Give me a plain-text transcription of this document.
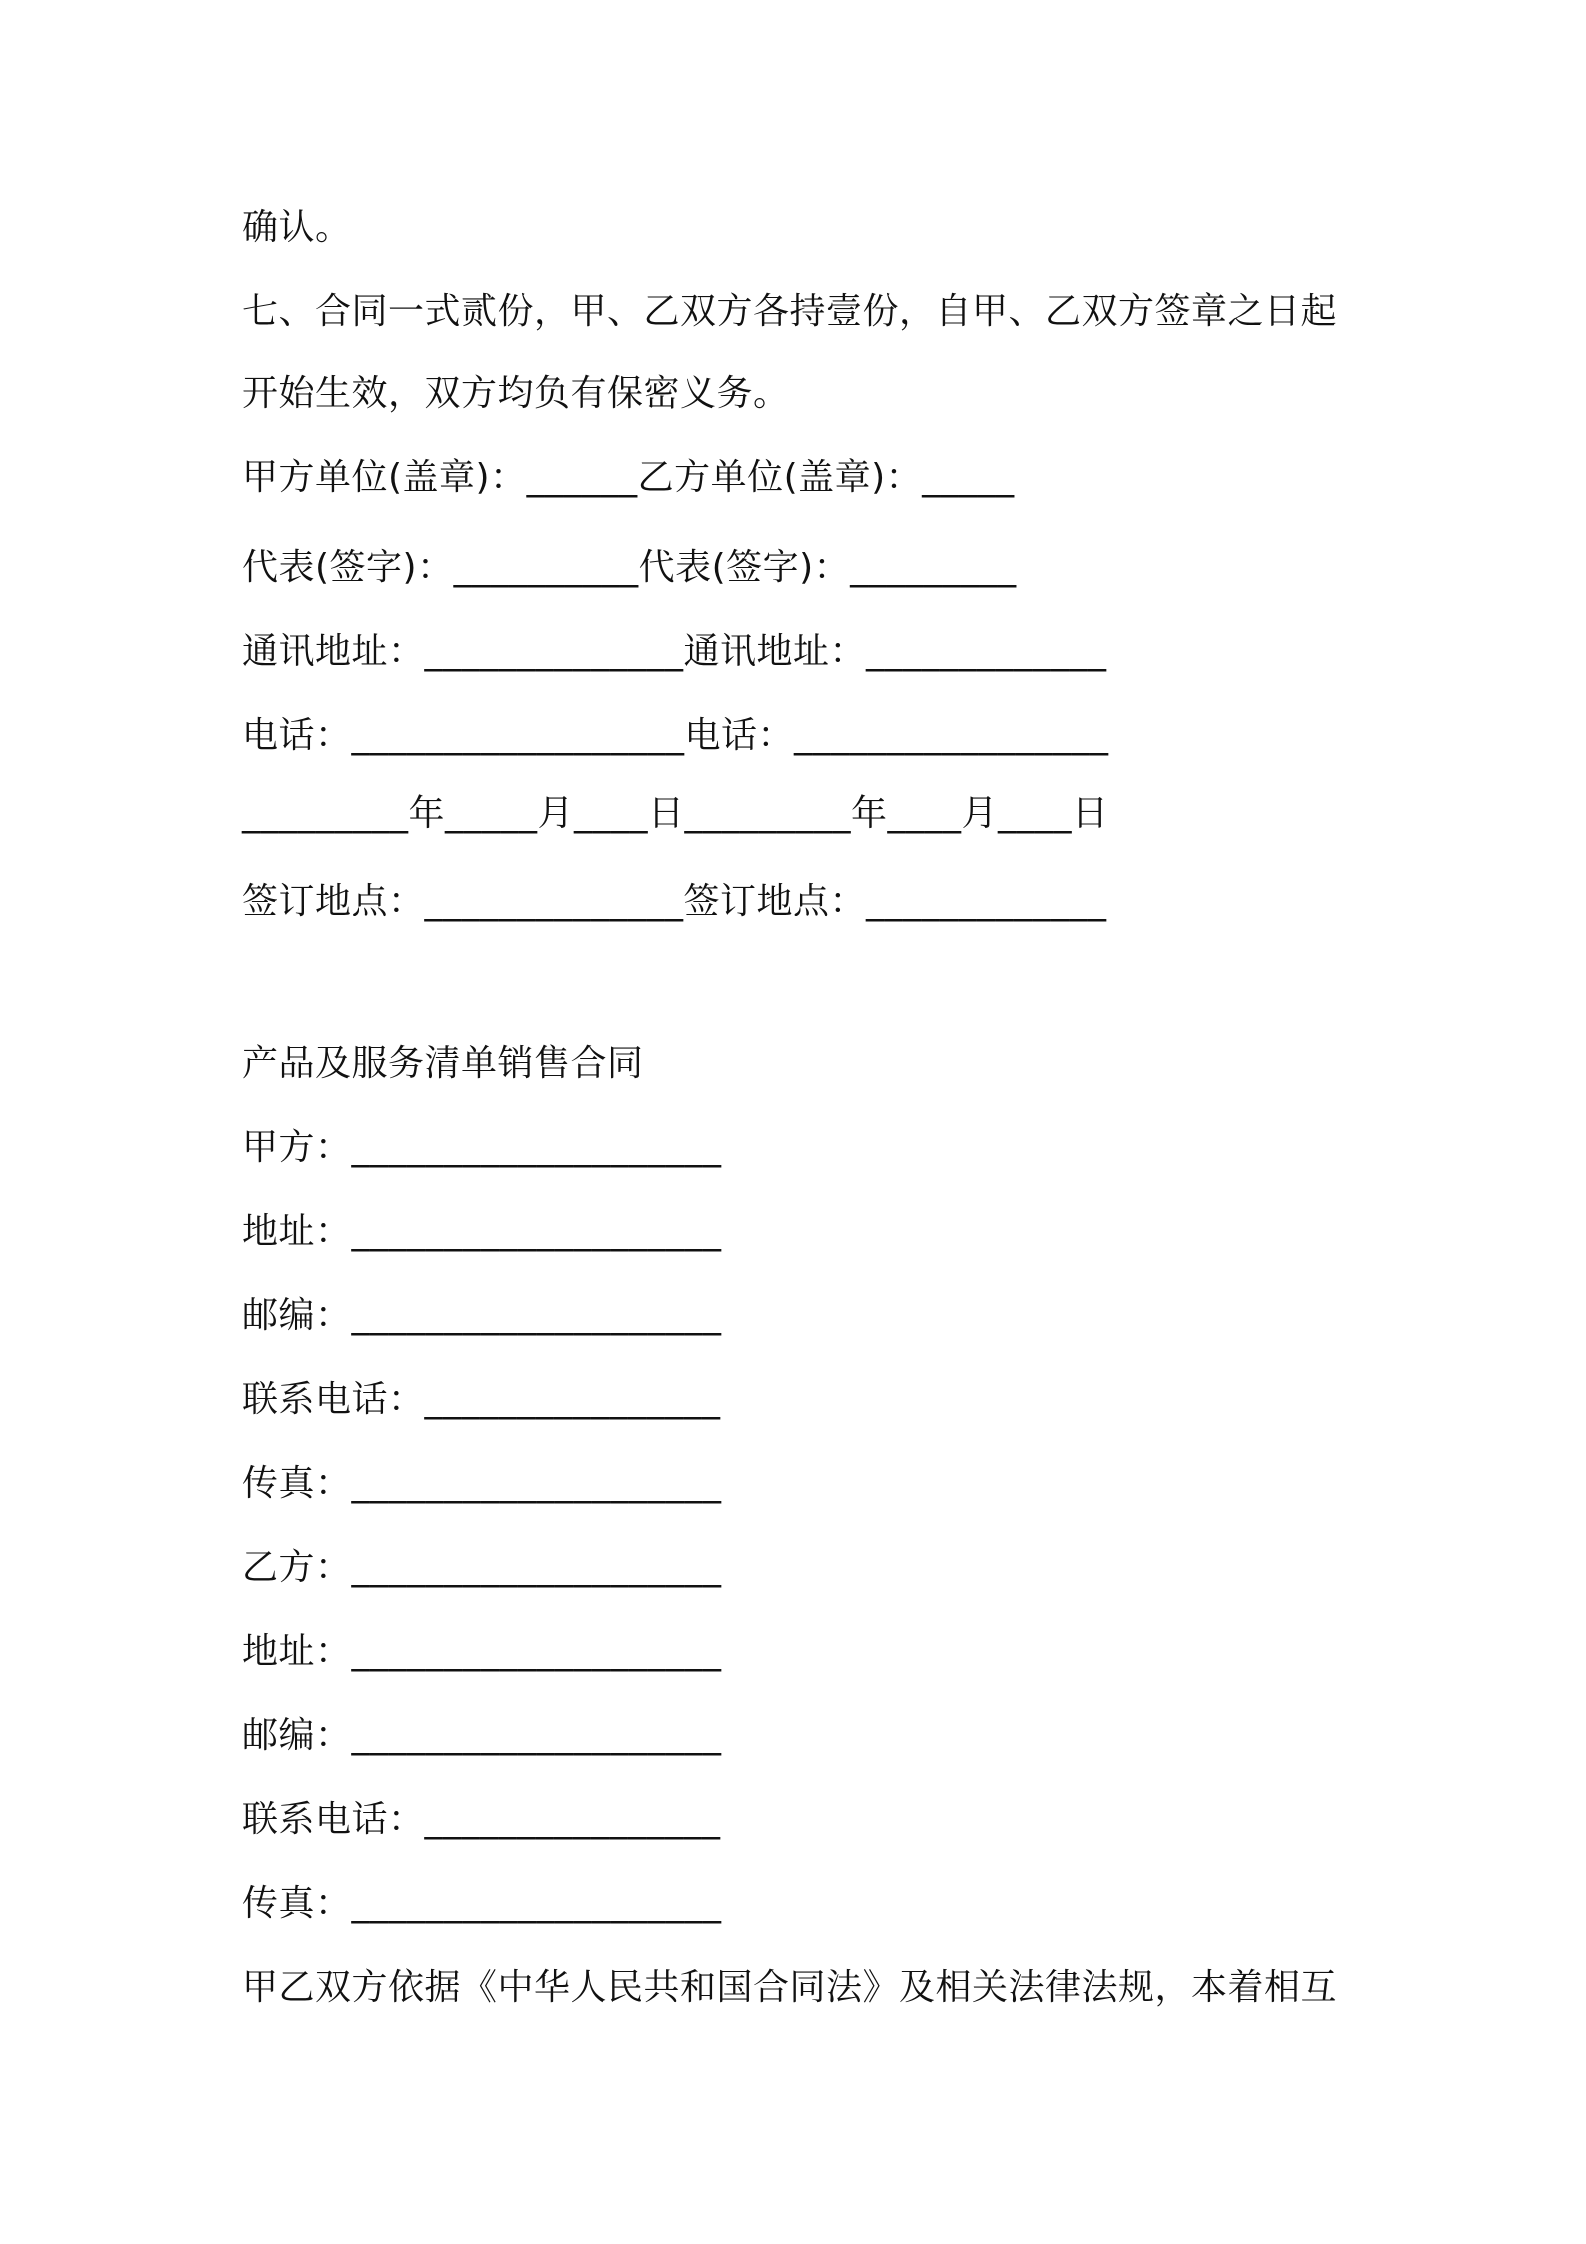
确认。
七、合同一式贰份，甲、乙双方各持壹份，自甲、乙双方签章之日起
开始生效，双方均负有保密义务。
甲方单位(盖章)：______乙方单位(盖章)：_____
代表(签字)：__________代表(签字)：_________
通讯地址：______________通讯地址：_____________
电话：__________________电话：_________________
_________年_____月____日_________年____月____日
签订地点：______________签订地点：_____________
产品及服务清单销售合同
甲方：____________________
地址：____________________
邮编：____________________
联系电话：________________
传真：____________________
乙方：____________________
地址：____________________
邮编：____________________
联系电话：________________
传真：____________________
甲乙双方依据《中华人民共和国合同法》及相关法律法规，本着相互
